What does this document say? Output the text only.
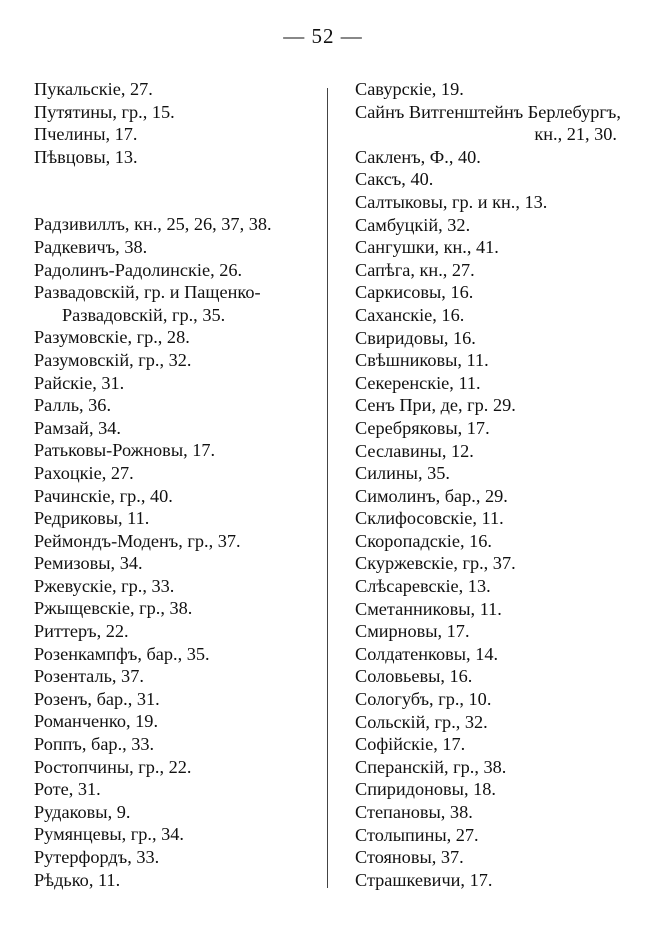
— 52 —
Пукальскіе, 27.
Путятины, гр., 15.
Пчелины, 17.
Пѣвцовы, 13.
Радзивиллъ, кн., 25, 26, 37, 38.
Радкевичъ, 38.
Радолинъ-Радолинскіе, 26.
Развадовскій, гр. и Пащенко-
Развадовскій, гр., 35.
Разумовскіе, гр., 28.
Разумовскій, гр., 32.
Райскіе, 31.
Ралль, 36.
Рамзай, 34.
Ратьковы-Рожновы, 17.
Рахоцкіе, 27.
Рачинскіе, гр., 40.
Редриковы, 11.
Реймондъ-Моденъ, гр., 37.
Ремизовы, 34.
Ржевускіе, гр., 33.
Ржыщевскіе, гр., 38.
Риттеръ, 22.
Розенкампфъ, бар., 35.
Розенталь, 37.
Розенъ, бар., 31.
Романченко, 19.
Роппъ, бар., 33.
Ростопчины, гр., 22.
Роте, 31.
Рудаковы, 9.
Румянцевы, гр., 34.
Рутерфордъ, 33.
Рѣдько, 11.
Савурскіе, 19.
Сайнъ Витгенштейнъ Берлебургъ,
кн., 21, 30.
Сакленъ, Ф., 40.
Саксъ, 40.
Салтыковы, гр. и кн., 13.
Самбуцкій, 32.
Сангушки, кн., 41.
Сапѣга, кн., 27.
Саркисовы, 16.
Саханскіе, 16.
Свиридовы, 16.
Свѣшниковы, 11.
Секеренскіе, 11.
Сенъ При, де, гр. 29.
Серебряковы, 17.
Сеславины, 12.
Силины, 35.
Симолинъ, бар., 29.
Склифосовскіе, 11.
Скоропадскіе, 16.
Скуржевскіе, гр., 37.
Слѣсаревскіе, 13.
Сметанниковы, 11.
Смирновы, 17.
Солдатенковы, 14.
Соловьевы, 16.
Сологубъ, гр., 10.
Сольскій, гр., 32.
Софійскіе, 17.
Сперанскій, гр., 38.
Спиридоновы, 18.
Степановы, 38.
Столыпины, 27.
Стояновы, 37.
Страшкевичи, 17.
